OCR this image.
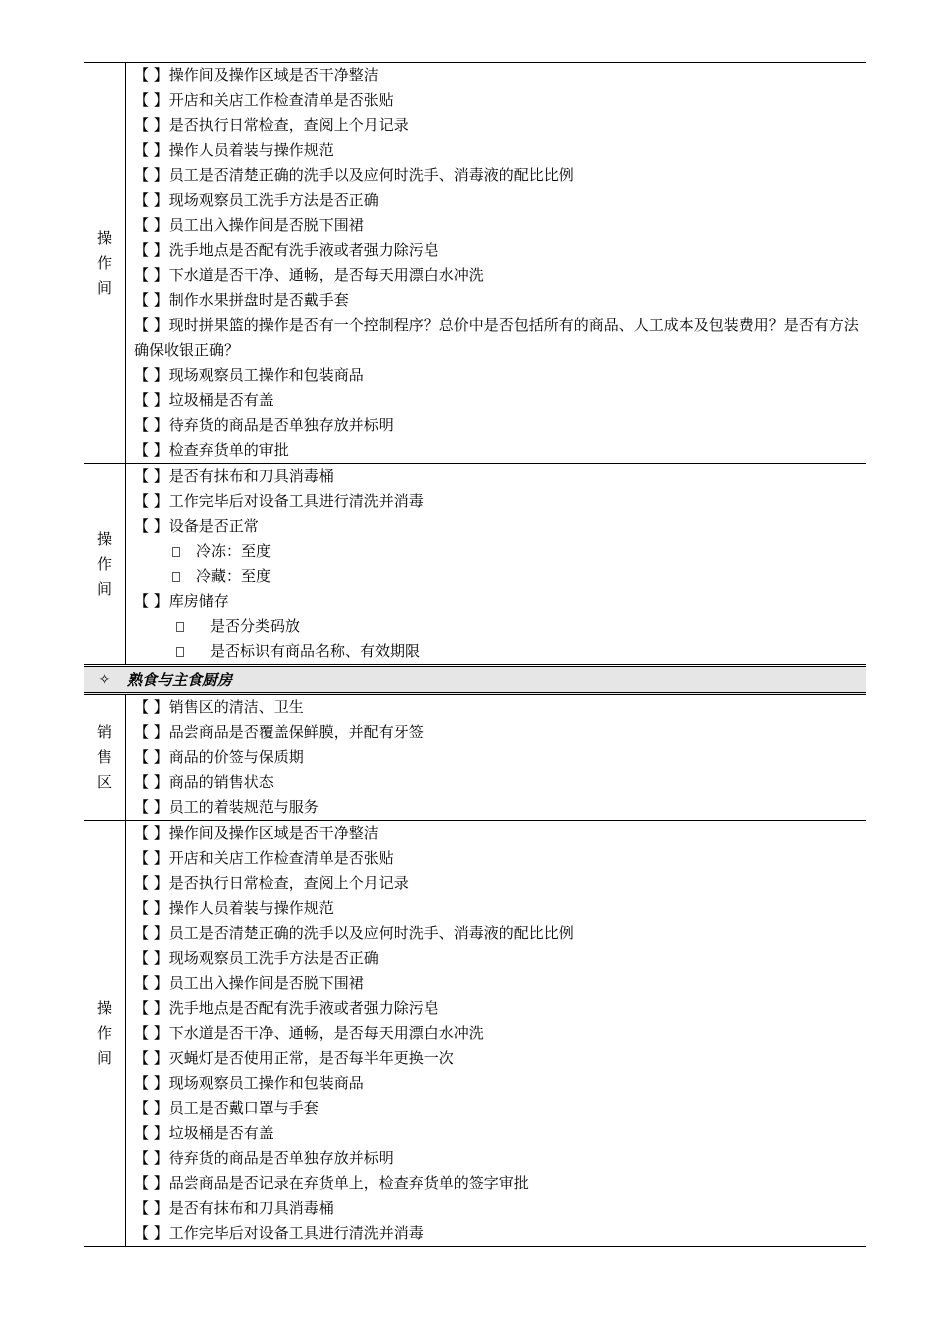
操作间
【 】操作间及操作区域是否干净整洁
【 】开店和关店工作检查清单是否张贴
【 】是否执行日常检查，查阅上个月记录
【 】操作人员着装与操作规范
【 】员工是否清楚正确的洗手以及应何时洗手、消毒液的配比比例
【 】现场观察员工洗手方法是否正确
【 】员工出入操作间是否脱下围裙
【 】洗手地点是否配有洗手液或者强力除污皂
【 】下水道是否干净、通畅，是否每天用漂白水冲洗
【 】制作水果拼盘时是否戴手套
【 】现时拼果篮的操作是否有一个控制程序？总价中是否包括所有的商品、人工成本及包装费用？是否有方法确保收银正确？
【 】现场观察员工操作和包装商品
【 】垃圾桶是否有盖
【 】待弃货的商品是否单独存放并标明
【 】检查弃货单的审批
操作间
【 】是否有抹布和刀具消毒桶
【 】工作完毕后对设备工具进行清洗并消毒
【 】设备是否正常
冷冻：至度
冷藏：至度
【 】库房储存
是否分类码放
是否标识有商品名称、有效期限
✧	熟食与主食厨房
销售区
【 】销售区的清洁、卫生
【 】品尝商品是否覆盖保鲜膜，并配有牙签
【 】商品的价签与保质期
【 】商品的销售状态
【 】员工的着装规范与服务
操作间
【 】操作间及操作区域是否干净整洁
【 】开店和关店工作检查清单是否张贴
【 】是否执行日常检查，查阅上个月记录
【 】操作人员着装与操作规范
【 】员工是否清楚正确的洗手以及应何时洗手、消毒液的配比比例
【 】现场观察员工洗手方法是否正确
【 】员工出入操作间是否脱下围裙
【 】洗手地点是否配有洗手液或者强力除污皂
【 】下水道是否干净、通畅，是否每天用漂白水冲洗
【 】灭蝇灯是否使用正常，是否每半年更换一次
【 】现场观察员工操作和包装商品
【 】员工是否戴口罩与手套
【 】垃圾桶是否有盖
【 】待弃货的商品是否单独存放并标明
【 】品尝商品是否记录在弃货单上，检查弃货单的签字审批
【 】是否有抹布和刀具消毒桶
【 】工作完毕后对设备工具进行清洗并消毒
